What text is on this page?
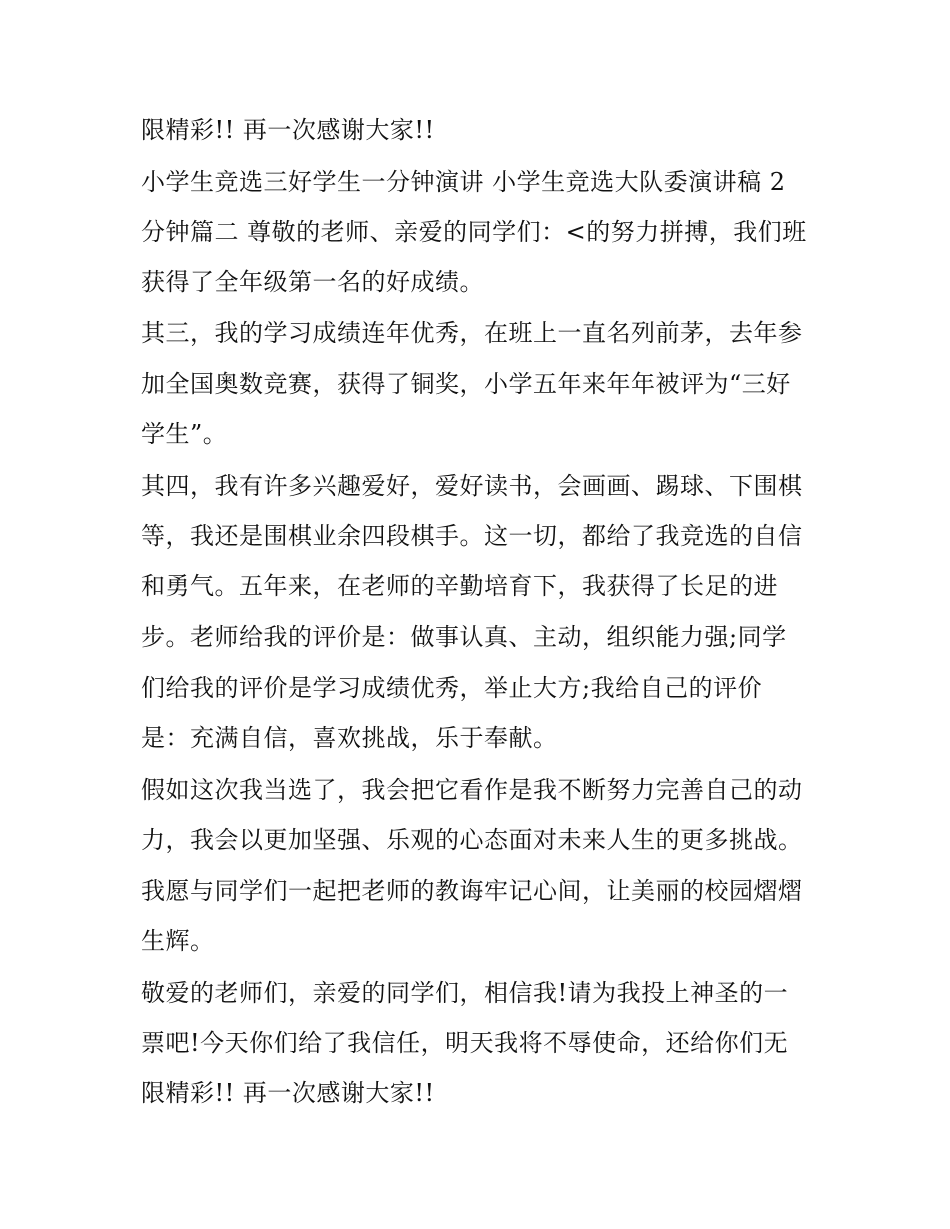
限精彩!! 再一次感谢大家!!
小学生竞选三好学生一分钟演讲 小学生竞选大队委演讲稿 2
分钟篇二 尊敬的老师、亲爱的同学们：<的努力拼搏，我们班
获得了全年级第一名的好成绩。
其三，我的学习成绩连年优秀，在班上一直名列前茅，去年参
加全国奥数竞赛，获得了铜奖，小学五年来年年被评为“三好
学生”。
其四，我有许多兴趣爱好，爱好读书，会画画、踢球、下围棋
等，我还是围棋业余四段棋手。这一切，都给了我竞选的自信
和勇气。五年来，在老师的辛勤培育下，我获得了长足的进
步。老师给我的评价是：做事认真、主动，组织能力强;同学
们给我的评价是学习成绩优秀，举止大方;我给自己的评价
是：充满自信，喜欢挑战，乐于奉献。
假如这次我当选了，我会把它看作是我不断努力完善自己的动
力，我会以更加坚强、乐观的心态面对未来人生的更多挑战。
我愿与同学们一起把老师的教诲牢记心间，让美丽的校园熠熠
生辉。
敬爱的老师们，亲爱的同学们，相信我!请为我投上神圣的一
票吧!今天你们给了我信任，明天我将不辱使命，还给你们无
限精彩!! 再一次感谢大家!!
